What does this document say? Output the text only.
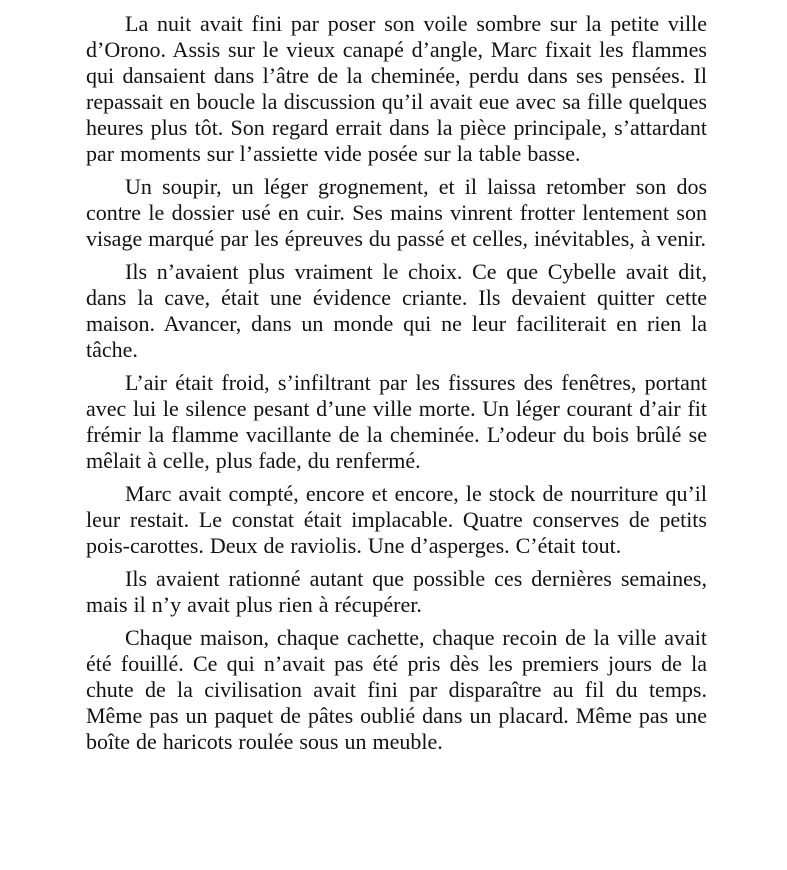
La nuit avait fini par poser son voile sombre sur la petite ville d’Orono. Assis sur le vieux canapé d’angle, Marc fixait les flammes qui dansaient dans l’âtre de la cheminée, perdu dans ses pensées. Il repassait en boucle la discussion qu’il avait eue avec sa fille quelques heures plus tôt. Son regard errait dans la pièce principale, s’attardant par moments sur l’assiette vide posée sur la table basse.

Un soupir, un léger grognement, et il laissa retomber son dos contre le dossier usé en cuir. Ses mains vinrent frotter lentement son visage marqué par les épreuves du passé et celles, inévitables, à venir.

Ils n’avaient plus vraiment le choix. Ce que Cybelle avait dit, dans la cave, était une évidence criante. Ils devaient quitter cette maison. Avancer, dans un monde qui ne leur faciliterait en rien la tâche.

L’air était froid, s’infiltrant par les fissures des fenêtres, portant avec lui le silence pesant d’une ville morte. Un léger courant d’air fit frémir la flamme vacillante de la cheminée. L’odeur du bois brûlé se mêlait à celle, plus fade, du renfermé.

Marc avait compté, encore et encore, le stock de nourriture qu’il leur restait. Le constat était implacable. Quatre conserves de petits pois-carottes. Deux de raviolis. Une d’asperges. C’était tout.

Ils avaient rationné autant que possible ces dernières semaines, mais il n’y avait plus rien à récupérer.

Chaque maison, chaque cachette, chaque recoin de la ville avait été fouillé. Ce qui n’avait pas été pris dès les premiers jours de la chute de la civilisation avait fini par disparaître au fil du temps. Même pas un paquet de pâtes oublié dans un placard. Même pas une boîte de haricots roulée sous un meuble.
